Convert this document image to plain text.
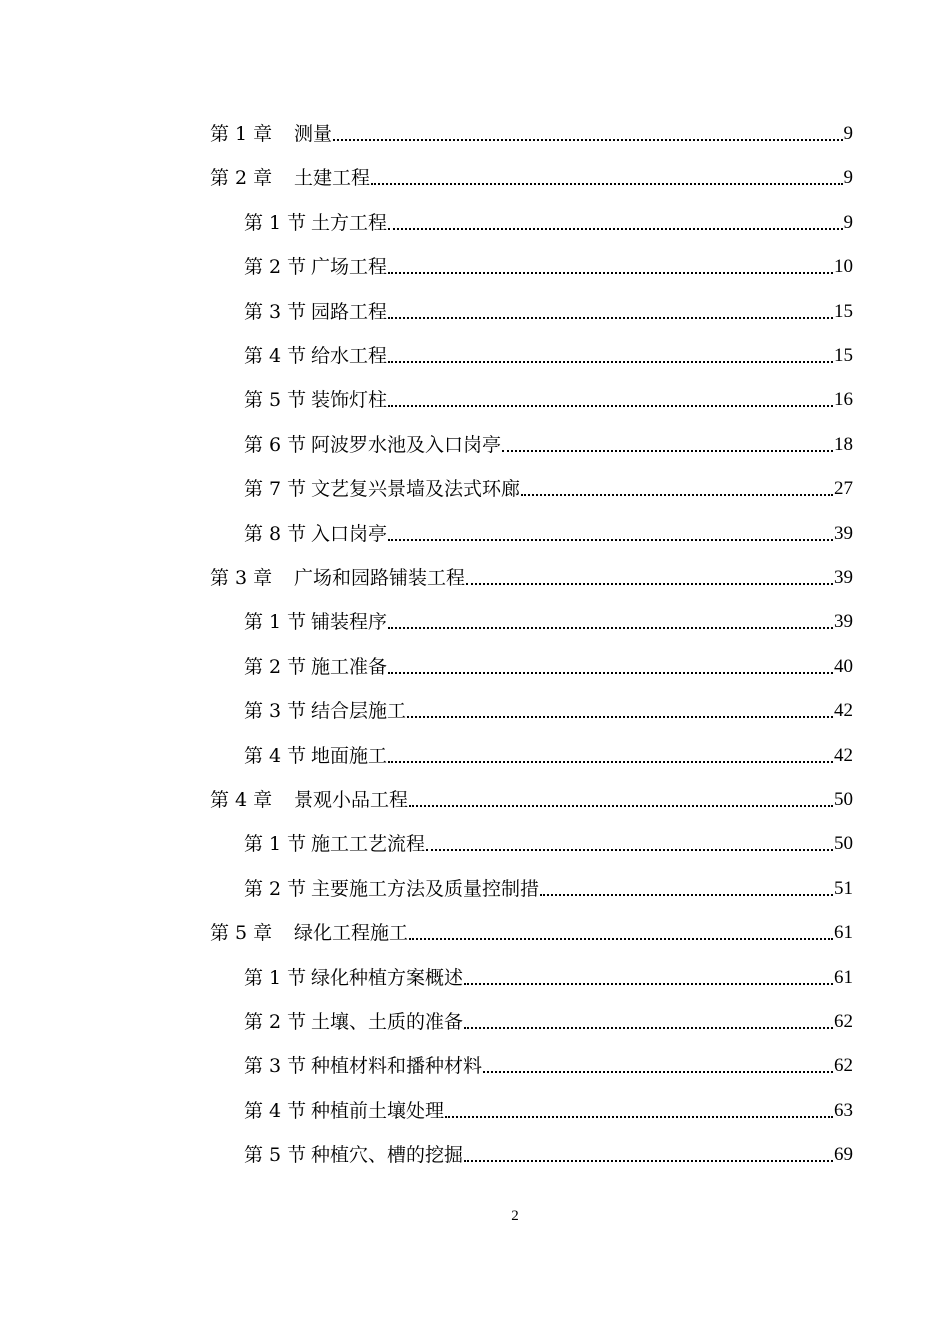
第 1 章	测量	9
第 2 章	土建工程	9
第 1 节 土方工程	9
第 2 节 广场工程	10
第 3 节 园路工程	15
第 4 节 给水工程	15
第 5 节 装饰灯柱	16
第 6 节 阿波罗水池及入口岗亭	18
第 7 节 文艺复兴景墙及法式环廊	27
第 8 节 入口岗亭	39
第 3 章	广场和园路铺装工程	39
第 1 节 铺装程序	39
第 2 节 施工准备	40
第 3 节 结合层施工	42
第 4 节 地面施工	42
第 4 章	景观小品工程	50
第 1 节 施工工艺流程	50
第 2 节 主要施工方法及质量控制措	51
第 5 章	绿化工程施工	61
第 1 节 绿化种植方案概述	61
第 2 节 土壤、土质的准备	62
第 3 节 种植材料和播种材料	62
第 4 节 种植前土壤处理	63
第 5 节 种植穴、槽的挖掘	69
2
